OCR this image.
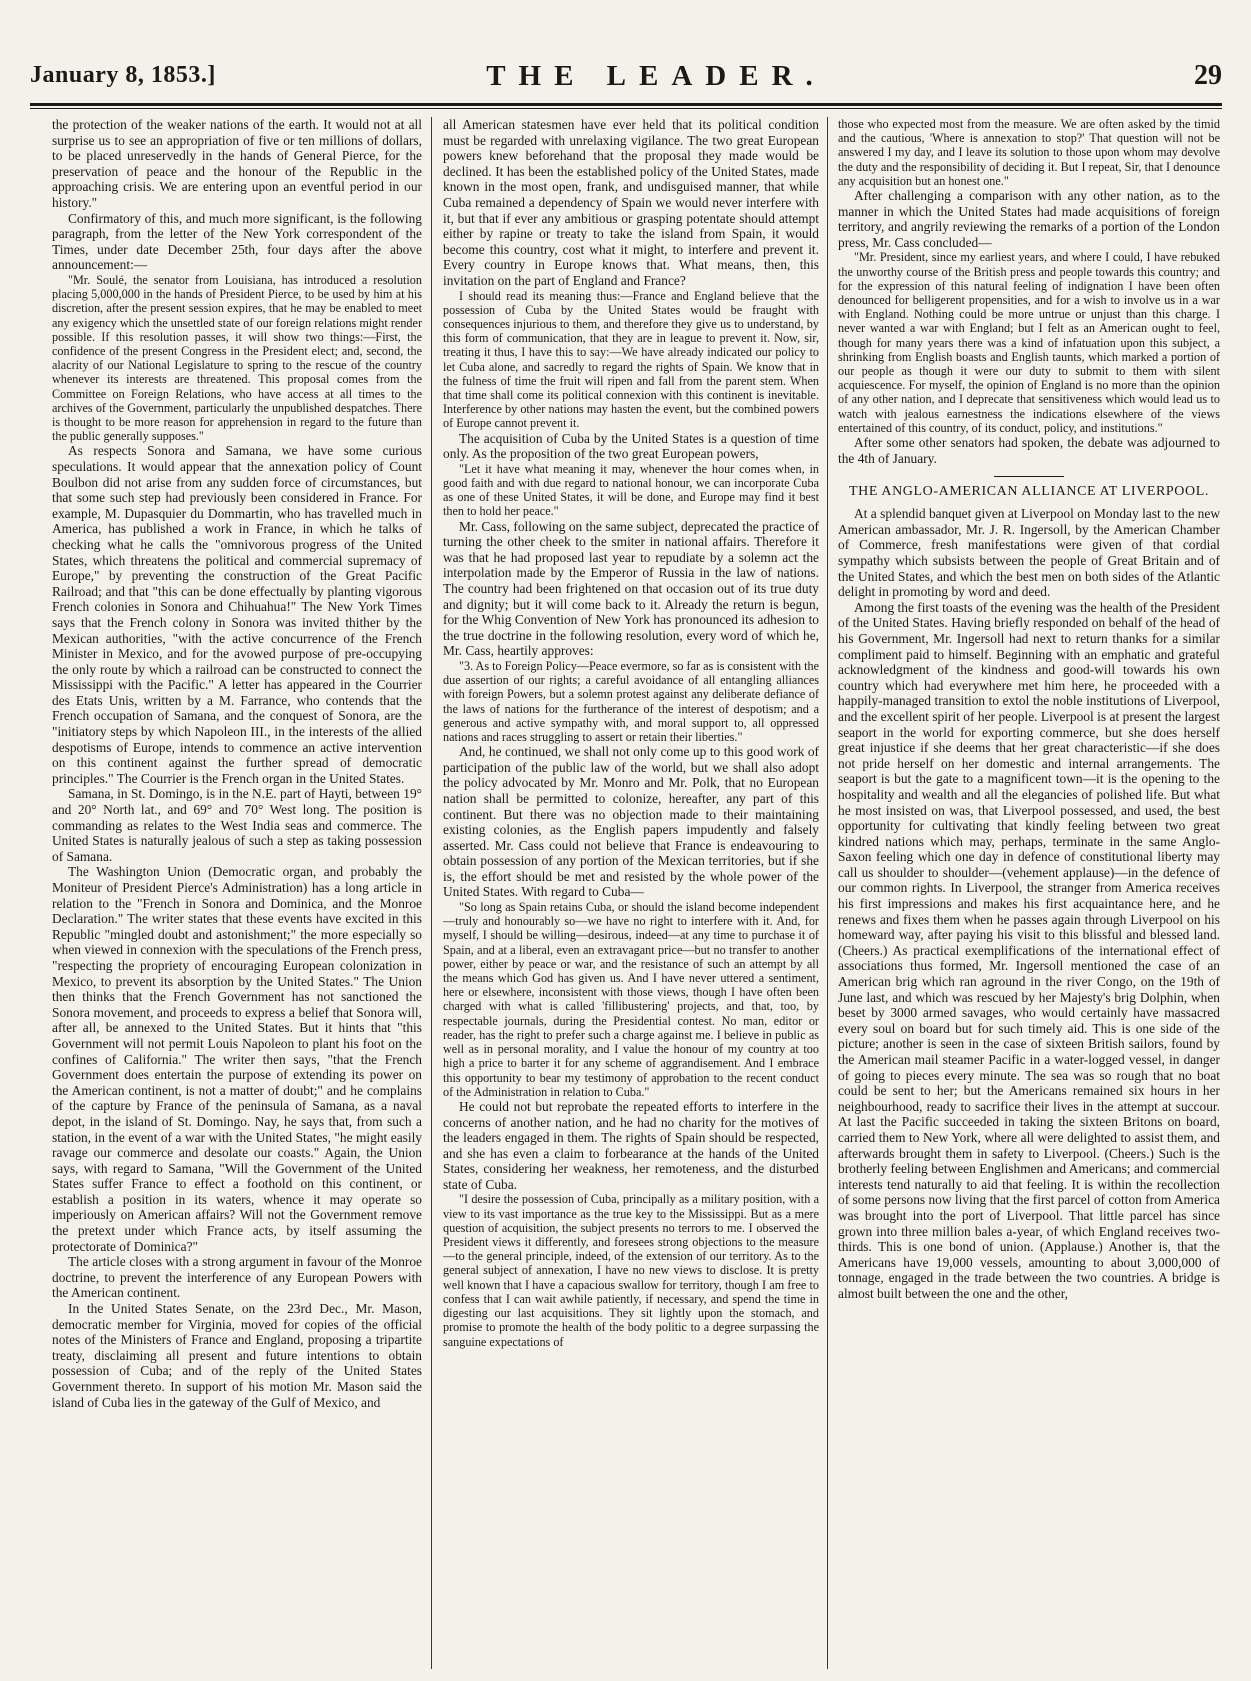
January 8, 1853.]	THE LEADER.	29

the protection of the weaker nations of the earth. It would not at all surprise us to see an appropriation of five or ten millions of dollars, to be placed unreservedly in the hands of General Pierce, for the preservation of peace and the honour of the Republic in the approaching crisis. We are entering upon an eventful period in our history."

Confirmatory of this, and much more significant, is the following paragraph, from the letter of the New York correspondent of the Times, under date December 25th, four days after the above announcement:—

"Mr. Soulé, the senator from Louisiana, has introduced a resolution placing 5,000,000 in the hands of President Pierce, to be used by him at his discretion, after the present session expires, that he may be enabled to meet any exigency which the unsettled state of our foreign relations might render possible. If this resolution passes, it will show two things:—First, the confidence of the present Congress in the President elect; and, second, the alacrity of our National Legislature to spring to the rescue of the country whenever its interests are threatened. This proposal comes from the Committee on Foreign Relations, who have access at all times to the archives of the Government, particularly the unpublished despatches. There is thought to be more reason for apprehension in regard to the future than the public generally supposes."

As respects Sonora and Samana, we have some curious speculations. It would appear that the annexation policy of Count Boulbon did not arise from any sudden force of circumstances, but that some such step had previously been considered in France. For example, M. Dupasquier du Dommartin, who has travelled much in America, has published a work in France, in which he talks of checking what he calls the "omnivorous progress of the United States, which threatens the political and commercial supremacy of Europe," by preventing the construction of the Great Pacific Railroad; and that "this can be done effectually by planting vigorous French colonies in Sonora and Chihuahua!" The New York Times says that the French colony in Sonora was invited thither by the Mexican authorities, "with the active concurrence of the French Minister in Mexico, and for the avowed purpose of pre-occupying the only route by which a railroad can be constructed to connect the Mississippi with the Pacific." A letter has appeared in the Courrier des Etats Unis, written by a M. Farrance, who contends that the French occupation of Samana, and the conquest of Sonora, are the "initiatory steps by which Napoleon III., in the interests of the allied despotisms of Europe, intends to commence an active intervention on this continent against the further spread of democratic principles." The Courrier is the French organ in the United States.

Samana, in St. Domingo, is in the N.E. part of Hayti, between 19° and 20° North lat., and 69° and 70° West long. The position is commanding as relates to the West India seas and commerce. The United States is naturally jealous of such a step as taking possession of Samana.

The Washington Union (Democratic organ, and probably the Moniteur of President Pierce's Administration) has a long article in relation to the "French in Sonora and Dominica, and the Monroe Declaration." The writer states that these events have excited in this Republic "mingled doubt and astonishment;" the more especially so when viewed in connexion with the speculations of the French press, "respecting the propriety of encouraging European colonization in Mexico, to prevent its absorption by the United States." The Union then thinks that the French Government has not sanctioned the Sonora movement, and proceeds to express a belief that Sonora will, after all, be annexed to the United States. But it hints that "this Government will not permit Louis Napoleon to plant his foot on the confines of California." The writer then says, "that the French Government does entertain the purpose of extending its power on the American continent, is not a matter of doubt;" and he complains of the capture by France of the peninsula of Samana, as a naval depot, in the island of St. Domingo. Nay, he says that, from such a station, in the event of a war with the United States, "he might easily ravage our commerce and desolate our coasts." Again, the Union says, with regard to Samana, "Will the Government of the United States suffer France to effect a foothold on this continent, or establish a position in its waters, whence it may operate so imperiously on American affairs? Will not the Government remove the pretext under which France acts, by itself assuming the protectorate of Dominica?"

The article closes with a strong argument in favour of the Monroe doctrine, to prevent the interference of any European Powers with the American continent.

In the United States Senate, on the 23rd Dec., Mr. Mason, democratic member for Virginia, moved for copies of the official notes of the Ministers of France and England, proposing a tripartite treaty, disclaiming all present and future intentions to obtain possession of Cuba; and of the reply of the United States Government thereto. In support of his motion Mr. Mason said the island of Cuba lies in the gateway of the Gulf of Mexico, and

all American statesmen have ever held that its political condition must be regarded with unrelaxing vigilance. The two great European powers knew beforehand that the proposal they made would be declined. It has been the established policy of the United States, made known in the most open, frank, and undisguised manner, that while Cuba remained a dependency of Spain we would never interfere with it, but that if ever any ambitious or grasping potentate should attempt either by rapine or treaty to take the island from Spain, it would become this country, cost what it might, to interfere and prevent it. Every country in Europe knows that. What means, then, this invitation on the part of England and France?

I should read its meaning thus:—France and England believe that the possession of Cuba by the United States would be fraught with consequences injurious to them, and therefore they give us to understand, by this form of communication, that they are in league to prevent it. Now, sir, treating it thus, I have this to say:—We have already indicated our policy to let Cuba alone, and sacredly to regard the rights of Spain. We know that in the fulness of time the fruit will ripen and fall from the parent stem. When that time shall come its political connexion with this continent is inevitable. Interference by other nations may hasten the event, but the combined powers of Europe cannot prevent it.

The acquisition of Cuba by the United States is a question of time only. As the proposition of the two great European powers,

"Let it have what meaning it may, whenever the hour comes when, in good faith and with due regard to national honour, we can incorporate Cuba as one of these United States, it will be done, and Europe may find it best then to hold her peace."

Mr. Cass, following on the same subject, deprecated the practice of turning the other cheek to the smiter in national affairs. Therefore it was that he had proposed last year to repudiate by a solemn act the interpolation made by the Emperor of Russia in the law of nations. The country had been frightened on that occasion out of its true duty and dignity; but it will come back to it. Already the return is begun, for the Whig Convention of New York has pronounced its adhesion to the true doctrine in the following resolution, every word of which he, Mr. Cass, heartily approves:

"3. As to Foreign Policy—Peace evermore, so far as is consistent with the due assertion of our rights; a careful avoidance of all entangling alliances with foreign Powers, but a solemn protest against any deliberate defiance of the laws of nations for the furtherance of the interest of despotism; and a generous and active sympathy with, and moral support to, all oppressed nations and races struggling to assert or retain their liberties."

And, he continued, we shall not only come up to this good work of participation of the public law of the world, but we shall also adopt the policy advocated by Mr. Monro and Mr. Polk, that no European nation shall be permitted to colonize, hereafter, any part of this continent. But there was no objection made to their maintaining existing colonies, as the English papers impudently and falsely asserted. Mr. Cass could not believe that France is endeavouring to obtain possession of any portion of the Mexican territories, but if she is, the effort should be met and resisted by the whole power of the United States. With regard to Cuba—

"So long as Spain retains Cuba, or should the island become independent—truly and honourably so—we have no right to interfere with it. And, for myself, I should be willing—desirous, indeed—at any time to purchase it of Spain, and at a liberal, even an extravagant price—but no transfer to another power, either by peace or war, and the resistance of such an attempt by all the means which God has given us. And I have never uttered a sentiment, here or elsewhere, inconsistent with those views, though I have often been charged with what is called 'fillibustering' projects, and that, too, by respectable journals, during the Presidential contest. No man, editor or reader, has the right to prefer such a charge against me. I believe in public as well as in personal morality, and I value the honour of my country at too high a price to barter it for any scheme of aggrandisement. And I embrace this opportunity to bear my testimony of approbation to the recent conduct of the Administration in relation to Cuba."

He could not but reprobate the repeated efforts to interfere in the concerns of another nation, and he had no charity for the motives of the leaders engaged in them. The rights of Spain should be respected, and she has even a claim to forbearance at the hands of the United States, considering her weakness, her remoteness, and the disturbed state of Cuba.

"I desire the possession of Cuba, principally as a military position, with a view to its vast importance as the true key to the Mississippi. But as a mere question of acquisition, the subject presents no terrors to me. I observed the President views it differently, and foresees strong objections to the measure—to the general principle, indeed, of the extension of our territory. As to the general subject of annexation, I have no new views to disclose. It is pretty well known that I have a capacious swallow for territory, though I am free to confess that I can wait awhile patiently, if necessary, and spend the time in digesting our last acquisitions. They sit lightly upon the stomach, and promise to promote the health of the body politic to a degree surpassing the sanguine expectations of

those who expected most from the measure. We are often asked by the timid and the cautious, 'Where is annexation to stop?' That question will not be answered I my day, and I leave its solution to those upon whom may devolve the duty and the responsibility of deciding it. But I repeat, Sir, that I denounce any acquisition but an honest one."

After challenging a comparison with any other nation, as to the manner in which the United States had made acquisitions of foreign territory, and angrily reviewing the remarks of a portion of the London press, Mr. Cass concluded—

"Mr. President, since my earliest years, and where I could, I have rebuked the unworthy course of the British press and people towards this country; and for the expression of this natural feeling of indignation I have been often denounced for belligerent propensities, and for a wish to involve us in a war with England. Nothing could be more untrue or unjust than this charge. I never wanted a war with England; but I felt as an American ought to feel, though for many years there was a kind of infatuation upon this subject, a shrinking from English boasts and English taunts, which marked a portion of our people as though it were our duty to submit to them with silent acquiescence. For myself, the opinion of England is no more than the opinion of any other nation, and I deprecate that sensitiveness which would lead us to watch with jealous earnestness the indications elsewhere of the views entertained of this country, of its conduct, policy, and institutions."

After some other senators had spoken, the debate was adjourned to the 4th of January.

THE ANGLO-AMERICAN ALLIANCE AT LIVERPOOL.

At a splendid banquet given at Liverpool on Monday last to the new American ambassador, Mr. J. R. Ingersoll, by the American Chamber of Commerce, fresh manifestations were given of that cordial sympathy which subsists between the people of Great Britain and of the United States, and which the best men on both sides of the Atlantic delight in promoting by word and deed.

Among the first toasts of the evening was the health of the President of the United States. Having briefly responded on behalf of the head of his Government, Mr. Ingersoll had next to return thanks for a similar compliment paid to himself. Beginning with an emphatic and grateful acknowledgment of the kindness and good-will towards his own country which had everywhere met him here, he proceeded with a happily-managed transition to extol the noble institutions of Liverpool, and the excellent spirit of her people. Liverpool is at present the largest seaport in the world for exporting commerce, but she does herself great injustice if she deems that her great characteristic—if she does not pride herself on her domestic and internal arrangements. The seaport is but the gate to a magnificent town—it is the opening to the hospitality and wealth and all the elegancies of polished life. But what he most insisted on was, that Liverpool possessed, and used, the best opportunity for cultivating that kindly feeling between two great kindred nations which may, perhaps, terminate in the same Anglo-Saxon feeling which one day in defence of constitutional liberty may call us shoulder to shoulder—(vehement applause)—in the defence of our common rights. In Liverpool, the stranger from America receives his first impressions and makes his first acquaintance here, and he renews and fixes them when he passes again through Liverpool on his homeward way, after paying his visit to this blissful and blessed land. (Cheers.) As practical exemplifications of the international effect of associations thus formed, Mr. Ingersoll mentioned the case of an American brig which ran aground in the river Congo, on the 19th of June last, and which was rescued by her Majesty's brig Dolphin, when beset by 3000 armed savages, who would certainly have massacred every soul on board but for such timely aid. This is one side of the picture; another is seen in the case of sixteen British sailors, found by the American mail steamer Pacific in a water-logged vessel, in danger of going to pieces every minute. The sea was so rough that no boat could be sent to her; but the Americans remained six hours in her neighbourhood, ready to sacrifice their lives in the attempt at succour. At last the Pacific succeeded in taking the sixteen Britons on board, carried them to New York, where all were delighted to assist them, and afterwards brought them in safety to Liverpool. (Cheers.) Such is the brotherly feeling between Englishmen and Americans; and commercial interests tend naturally to aid that feeling. It is within the recollection of some persons now living that the first parcel of cotton from America was brought into the port of Liverpool. That little parcel has since grown into three million bales a-year, of which England receives two-thirds. This is one bond of union. (Applause.) Another is, that the Americans have 19,000 vessels, amounting to about 3,000,000 of tonnage, engaged in the trade between the two countries. A bridge is almost built between the one and the other,
